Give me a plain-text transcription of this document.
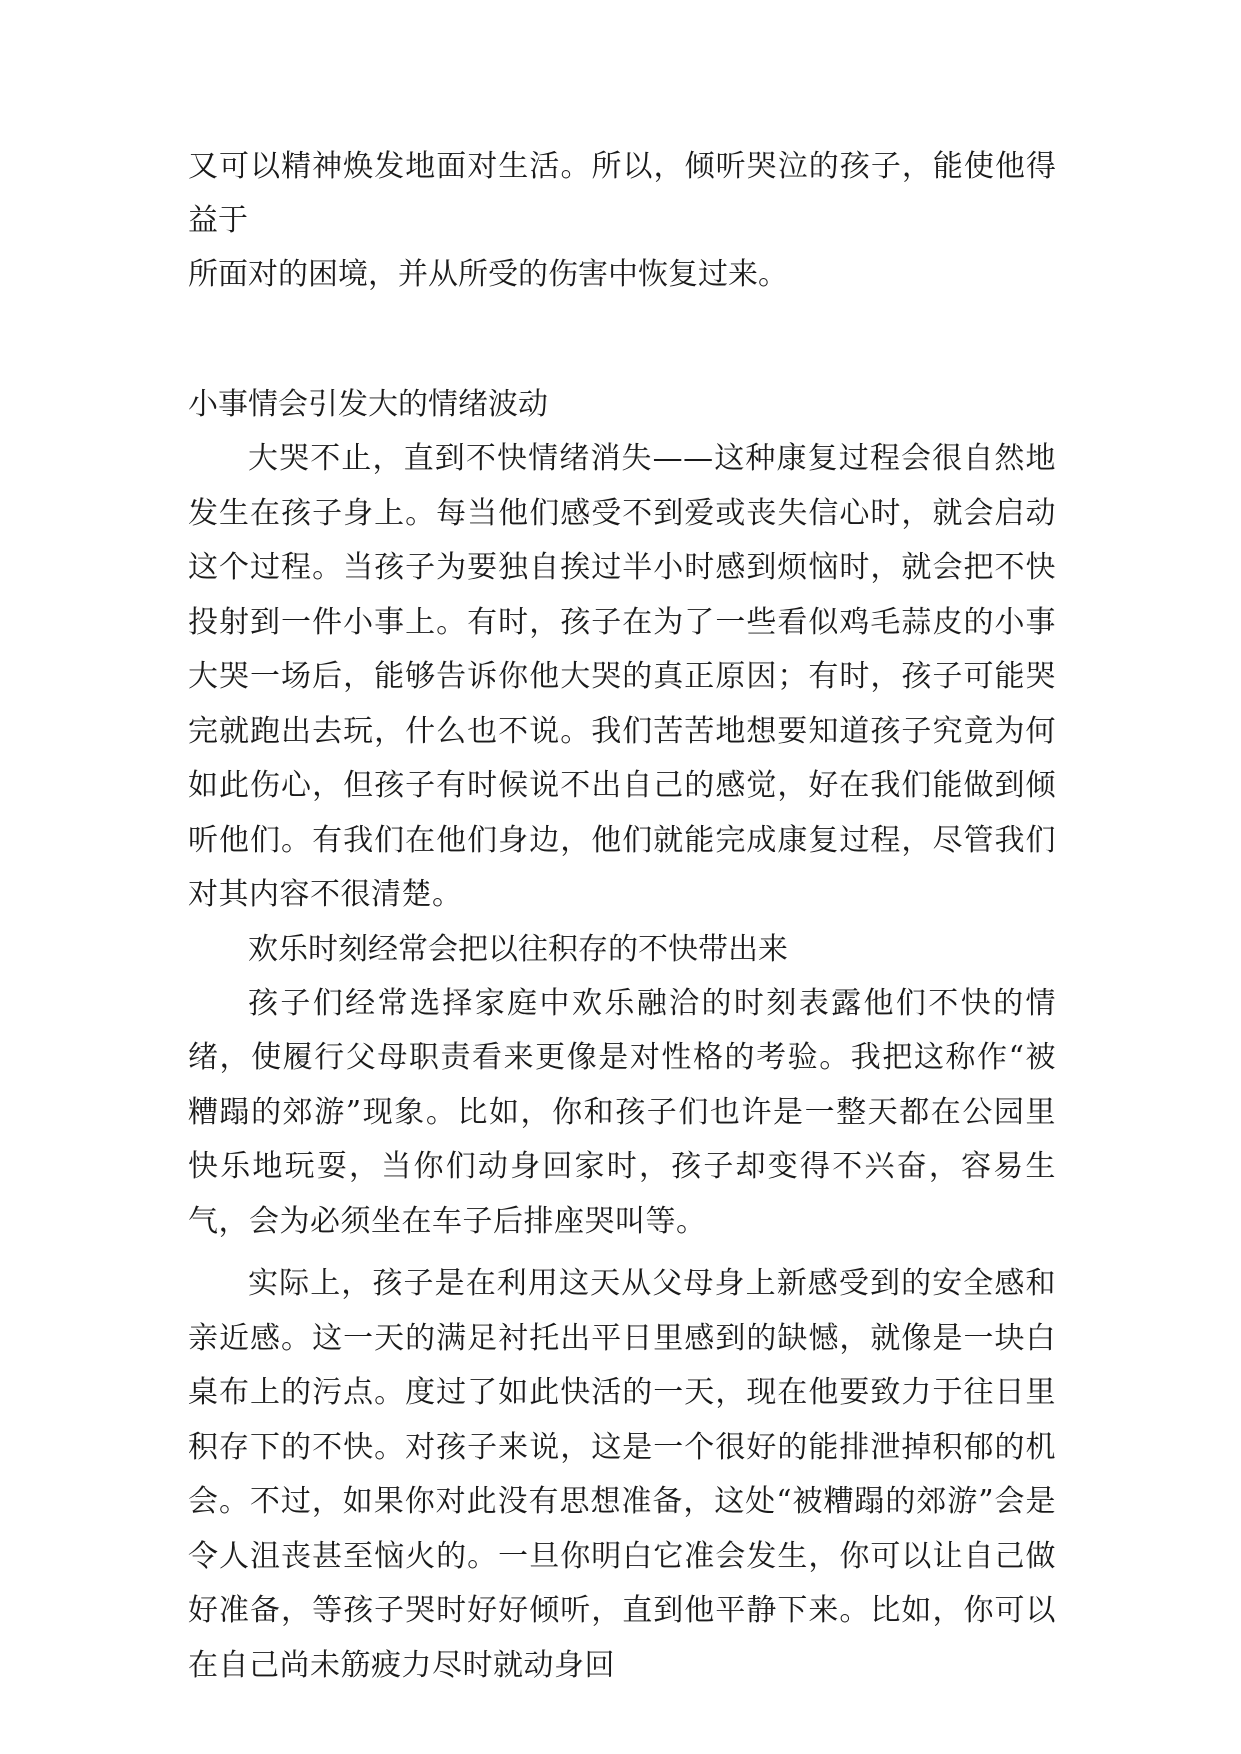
又可以精神焕发地面对生活。所以，倾听哭泣的孩子，能使他得益于

所面对的困境，并从所受的伤害中恢复过来。

小事情会引发大的情绪波动

大哭不止，直到不快情绪消失——这种康复过程会很自然地发生在孩子身上。每当他们感受不到爱或丧失信心时，就会启动这个过程。当孩子为要独自挨过半小时感到烦恼时，就会把不快投射到一件小事上。有时，孩子在为了一些看似鸡毛蒜皮的小事大哭一场后，能够告诉你他大哭的真正原因；有时，孩子可能哭完就跑出去玩，什么也不说。我们苦苦地想要知道孩子究竟为何如此伤心，但孩子有时候说不出自己的感觉，好在我们能做到倾听他们。有我们在他们身边，他们就能完成康复过程，尽管我们对其内容不很清楚。

欢乐时刻经常会把以往积存的不快带出来

孩子们经常选择家庭中欢乐融洽的时刻表露他们不快的情绪，使履行父母职责看来更像是对性格的考验。我把这称作“被糟蹋的郊游”现象。比如，你和孩子们也许是一整天都在公园里快乐地玩耍，当你们动身回家时，孩子却变得不兴奋，容易生气，会为必须坐在车子后排座哭叫等。

实际上，孩子是在利用这天从父母身上新感受到的安全感和亲近感。这一天的满足衬托出平日里感到的缺憾，就像是一块白桌布上的污点。度过了如此快活的一天，现在他要致力于往日里积存下的不快。对孩子来说，这是一个很好的能排泄掉积郁的机会。不过，如果你对此没有思想准备，这处“被糟蹋的郊游”会是令人沮丧甚至恼火的。一旦你明白它准会发生，你可以让自己做好准备，等孩子哭时好好倾听，直到他平静下来。比如，你可以在自己尚未筋疲力尽时就动身回
